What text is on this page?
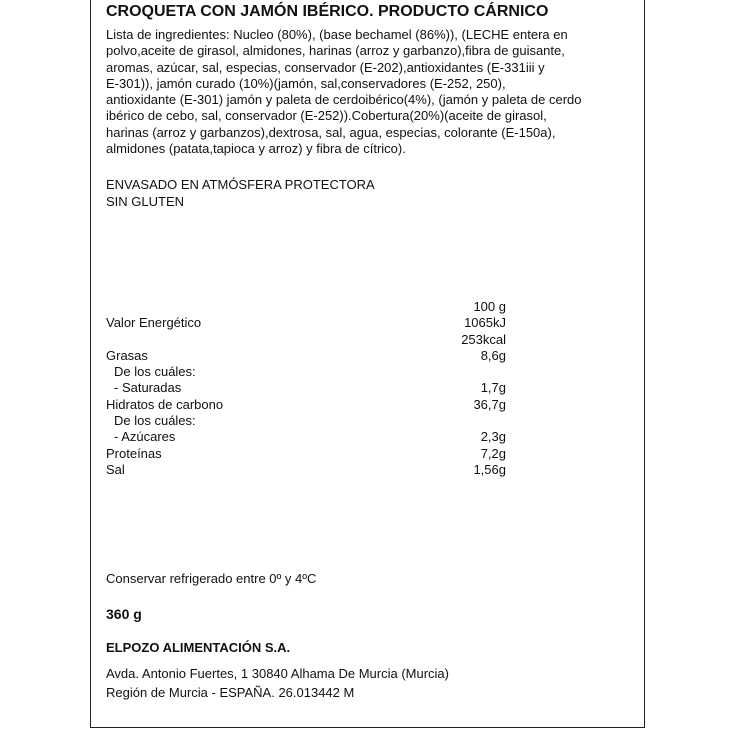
CROQUETA CON JAMÓN IBÉRICO. PRODUCTO CÁRNICO
Lista de ingredientes: Nucleo (80%), (base bechamel (86%)), (LECHE entera en
polvo,aceite de girasol, almidones, harinas (arroz y garbanzo),fibra de guisante,
aromas, azúcar, sal, especias, conservador (E-202),antioxidantes (E-331iii y
E-301)), jamón curado (10%)(jamón, sal,conservadores (E-252, 250),
antioxidante (E-301) jamón y paleta de cerdoibérico(4%), (jamón y paleta de cerdo
ibérico de cebo, sal, conservador (E-252)).Cobertura(20%)(aceite de girasol,
harinas (arroz y garbanzos),dextrosa, sal, agua, especias, colorante (E-150a),
almidones (patata,tapioca y arroz) y fibra de cítrico).
ENVASADO EN ATMÓSFERA PROTECTORA
SIN GLUTEN
100 g
Valor Energético	1065kJ
253kcal
Grasas	8,6g
De los cuáles:
- Saturadas	1,7g
Hidratos de carbono	36,7g
De los cuáles:
- Azúcares	2,3g
Proteínas	7,2g
Sal	1,56g
Conservar refrigerado entre 0º y 4ºC
360 g
ELPOZO ALIMENTACIÓN S.A.
Avda. Antonio Fuertes, 1 30840 Alhama De Murcia (Murcia)
Región de Murcia - ESPAÑA. 26.013442 M
